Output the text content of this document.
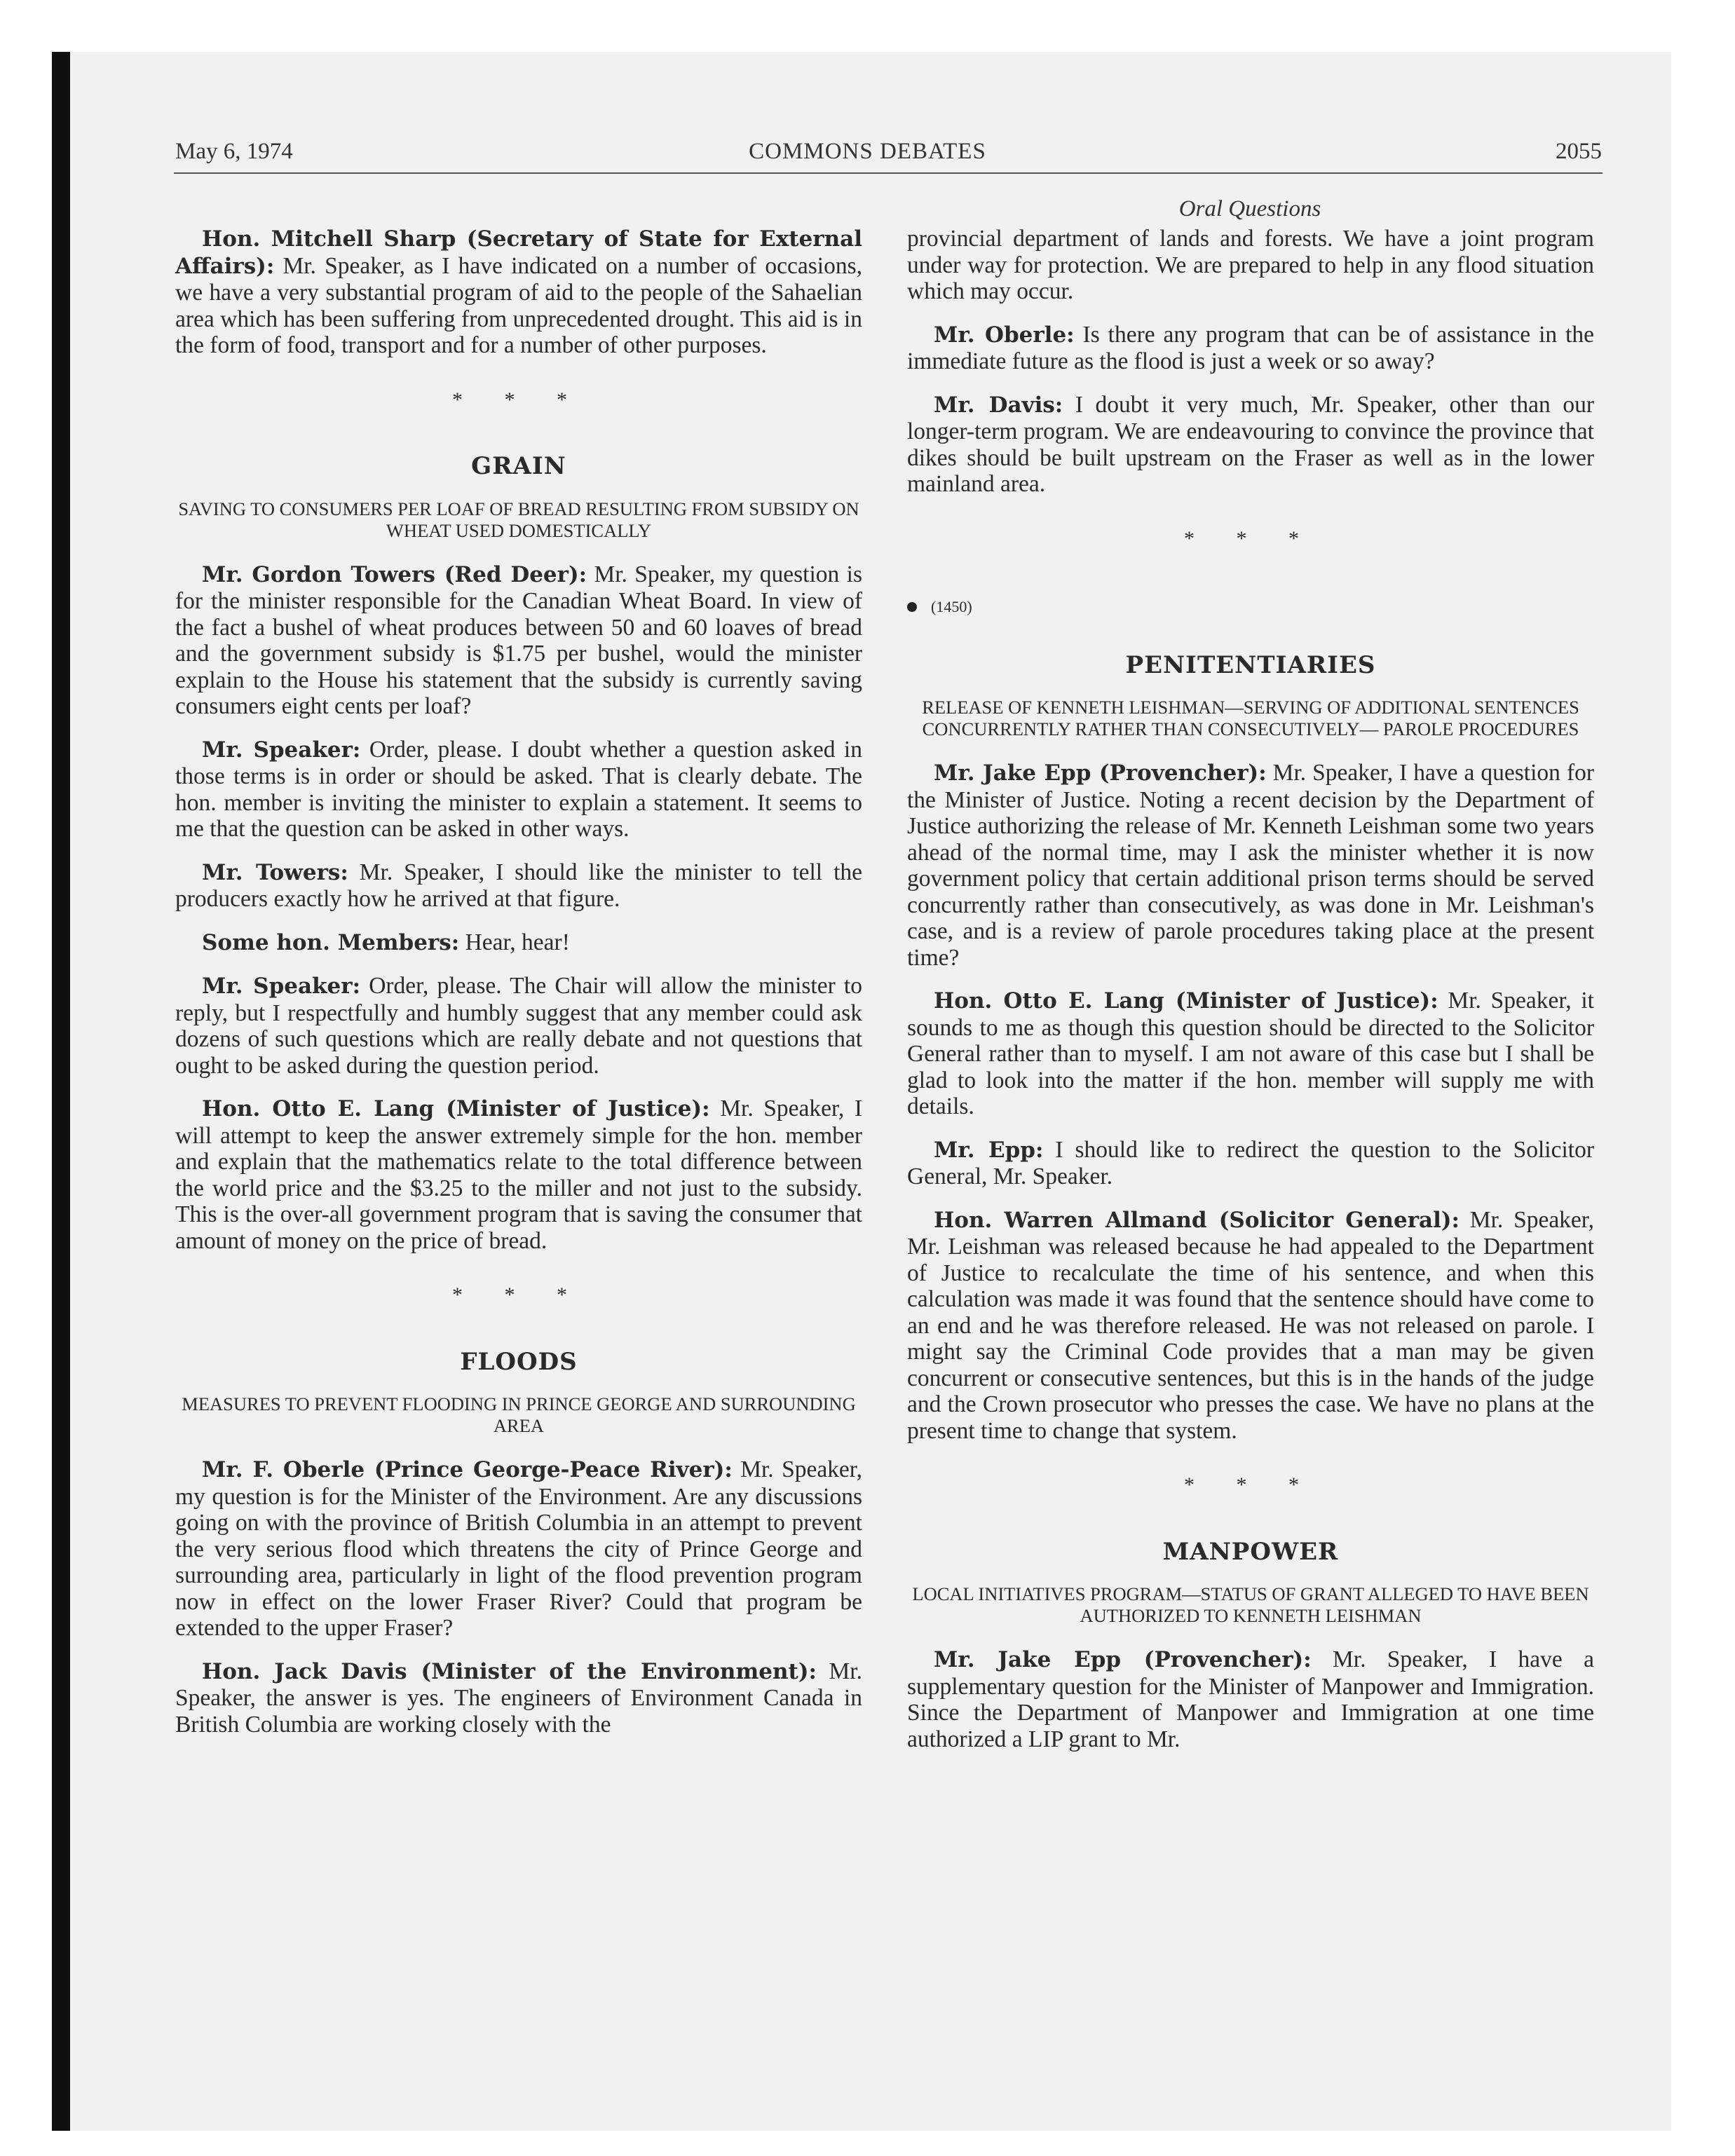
May 6, 1974	COMMONS DEBATES	2055
Oral Questions

Hon. Mitchell Sharp (Secretary of State for External Affairs): Mr. Speaker, as I have indicated on a number of occasions, we have a very substantial program of aid to the people of the Sahaelian area which has been suffering from unprecedented drought. This aid is in the form of food, transport and for a number of other purposes.

* * *
GRAIN
SAVING TO CONSUMERS PER LOAF OF BREAD RESULTING FROM SUBSIDY ON WHEAT USED DOMESTICALLY

Mr. Gordon Towers (Red Deer): Mr. Speaker, my question is for the minister responsible for the Canadian Wheat Board. In view of the fact a bushel of wheat produces between 50 and 60 loaves of bread and the government subsidy is $1.75 per bushel, would the minister explain to the House his statement that the subsidy is currently saving consumers eight cents per loaf?

Mr. Speaker: Order, please. I doubt whether a question asked in those terms is in order or should be asked. That is clearly debate. The hon. member is inviting the minister to explain a statement. It seems to me that the question can be asked in other ways.

Mr. Towers: Mr. Speaker, I should like the minister to tell the producers exactly how he arrived at that figure.

Some hon. Members: Hear, hear!

Mr. Speaker: Order, please. The Chair will allow the minister to reply, but I respectfully and humbly suggest that any member could ask dozens of such questions which are really debate and not questions that ought to be asked during the question period.

Hon. Otto E. Lang (Minister of Justice): Mr. Speaker, I will attempt to keep the answer extremely simple for the hon. member and explain that the mathematics relate to the total difference between the world price and the $3.25 to the miller and not just to the subsidy. This is the over-all government program that is saving the consumer that amount of money on the price of bread.

* * *
FLOODS
MEASURES TO PREVENT FLOODING IN PRINCE GEORGE AND SURROUNDING AREA

Mr. F. Oberle (Prince George-Peace River): Mr. Speaker, my question is for the Minister of the Environment. Are any discussions going on with the province of British Columbia in an attempt to prevent the very serious flood which threatens the city of Prince George and surrounding area, particularly in light of the flood prevention program now in effect on the lower Fraser River? Could that program be extended to the upper Fraser?

Hon. Jack Davis (Minister of the Environment): Mr. Speaker, the answer is yes. The engineers of Environment Canada in British Columbia are working closely with the

provincial department of lands and forests. We have a joint program under way for protection. We are prepared to help in any flood situation which may occur.

Mr. Oberle: Is there any program that can be of assistance in the immediate future as the flood is just a week or so away?

Mr. Davis: I doubt it very much, Mr. Speaker, other than our longer-term program. We are endeavouring to convince the province that dikes should be built upstream on the Fraser as well as in the lower mainland area.

* * *
(1450)
PENITENTIARIES
RELEASE OF KENNETH LEISHMAN—SERVING OF ADDITIONAL SENTENCES CONCURRENTLY RATHER THAN CONSECUTIVELY— PAROLE PROCEDURES

Mr. Jake Epp (Provencher): Mr. Speaker, I have a question for the Minister of Justice. Noting a recent decision by the Department of Justice authorizing the release of Mr. Kenneth Leishman some two years ahead of the normal time, may I ask the minister whether it is now government policy that certain additional prison terms should be served concurrently rather than consecutively, as was done in Mr. Leishman's case, and is a review of parole procedures taking place at the present time?

Hon. Otto E. Lang (Minister of Justice): Mr. Speaker, it sounds to me as though this question should be directed to the Solicitor General rather than to myself. I am not aware of this case but I shall be glad to look into the matter if the hon. member will supply me with details.

Mr. Epp: I should like to redirect the question to the Solicitor General, Mr. Speaker.

Hon. Warren Allmand (Solicitor General): Mr. Speaker, Mr. Leishman was released because he had appealed to the Department of Justice to recalculate the time of his sentence, and when this calculation was made it was found that the sentence should have come to an end and he was therefore released. He was not released on parole. I might say the Criminal Code provides that a man may be given concurrent or consecutive sentences, but this is in the hands of the judge and the Crown prosecutor who presses the case. We have no plans at the present time to change that system.

* * *
MANPOWER
LOCAL INITIATIVES PROGRAM—STATUS OF GRANT ALLEGED TO HAVE BEEN AUTHORIZED TO KENNETH LEISHMAN

Mr. Jake Epp (Provencher): Mr. Speaker, I have a supplementary question for the Minister of Manpower and Immigration. Since the Department of Manpower and Immigration at one time authorized a LIP grant to Mr.
